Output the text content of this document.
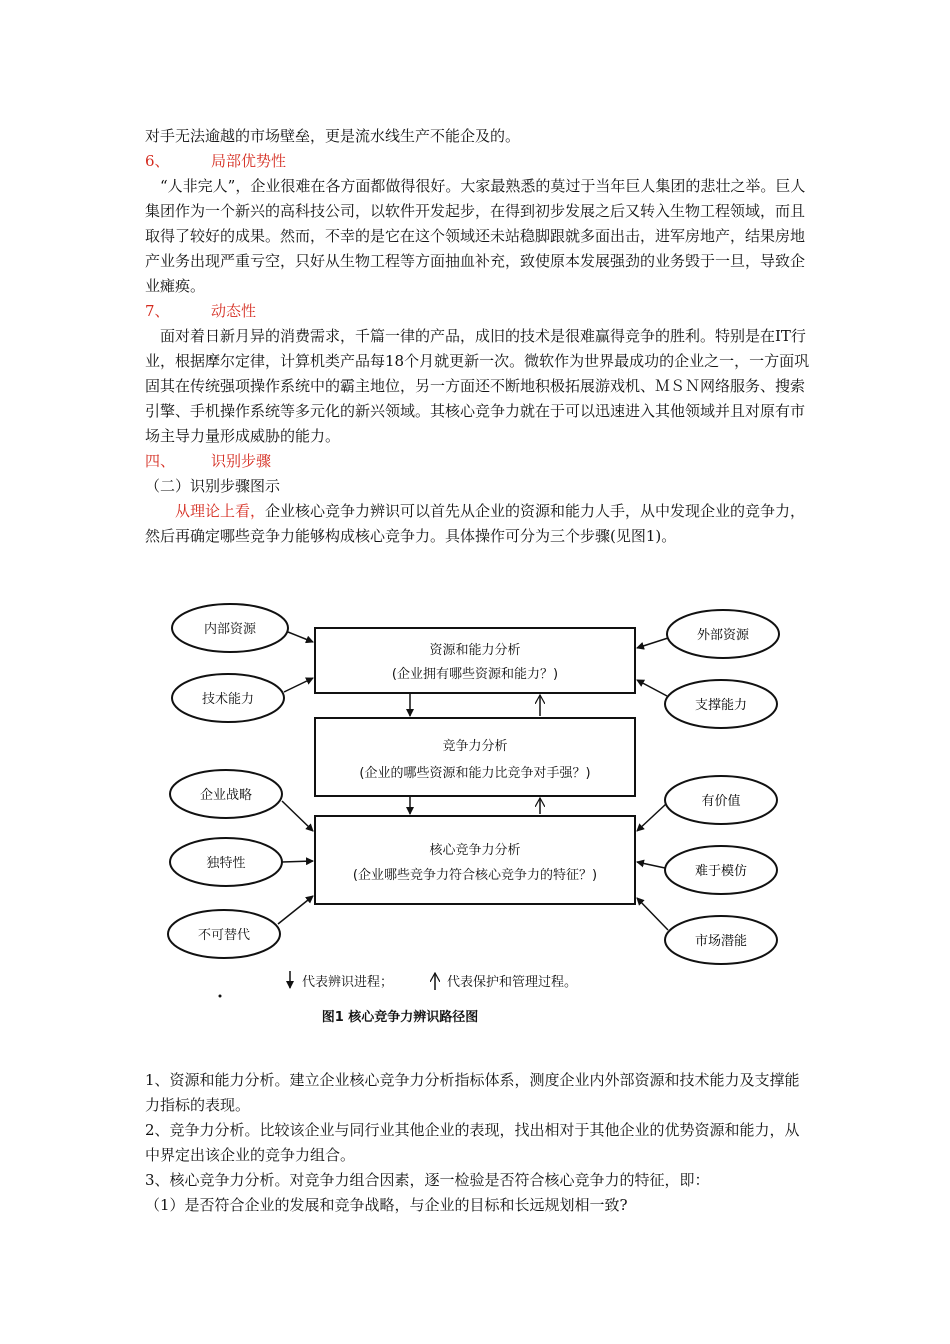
对手无法逾越的市场壁垒，更是流水线生产不能企及的。

6、	局部优势性

“人非完人”，企业很难在各方面都做得很好。大家最熟悉的莫过于当年巨人集团的悲壮之举。巨人集团作为一个新兴的高科技公司，以软件开发起步，在得到初步发展之后又转入生物工程领域，而且取得了较好的成果。然而，不幸的是它在这个领域还未站稳脚跟就多面出击，进军房地产，结果房地产业务出现严重亏空，只好从生物工程等方面抽血补充，致使原本发展强劲的业务毁于一旦，导致企业瘫痪。

7、	动态性

面对着日新月异的消费需求，千篇一律的产品，成旧的技术是很难赢得竞争的胜利。特别是在IT行业，根据摩尔定律，计算机类产品每18个月就更新一次。微软作为世界最成功的企业之一，一方面巩固其在传统强项操作系统中的霸主地位，另一方面还不断地积极拓展游戏机、ＭＳＮ网络服务、搜索引擎、手机操作系统等多元化的新兴领域。其核心竞争力就在于可以迅速进入其他领域并且对原有市场主导力量形成威胁的能力。

四、 识别步骤

（二）识别步骤图示

从理论上看，企业核心竞争力辨识可以首先从企业的资源和能力人手，从中发现企业的竞争力，然后再确定哪些竞争力能够构成核心竞争力。具体操作可分为三个步骤(见图1)。

资源和能力分析
(企业拥有哪些资源和能力？)
竞争力分析
(企业的哪些资源和能力比竞争对手强？)
核心竞争力分析
(企业哪些竞争力符合核心竞争力的特征？)
内部资源
技术能力
企业战略
独特性
不可替代
代表辨识进程；	代表保护和管理过程。
图1 核心竞争力辨识路径图
外部资源
支撑能力
有价值
难于模仿
市场潜能

1、资源和能力分析。建立企业核心竞争力分析指标体系，测度企业内外部资源和技术能力及支撑能力指标的表现。

2、竞争力分析。比较该企业与同行业其他企业的表现，找出相对于其他企业的优势资源和能力，从中界定出该企业的竞争力组合。

3、核心竞争力分析。对竞争力组合因素，逐一检验是否符合核心竞争力的特征，即：

（1）是否符合企业的发展和竞争战略，与企业的目标和长远规划相一致?
